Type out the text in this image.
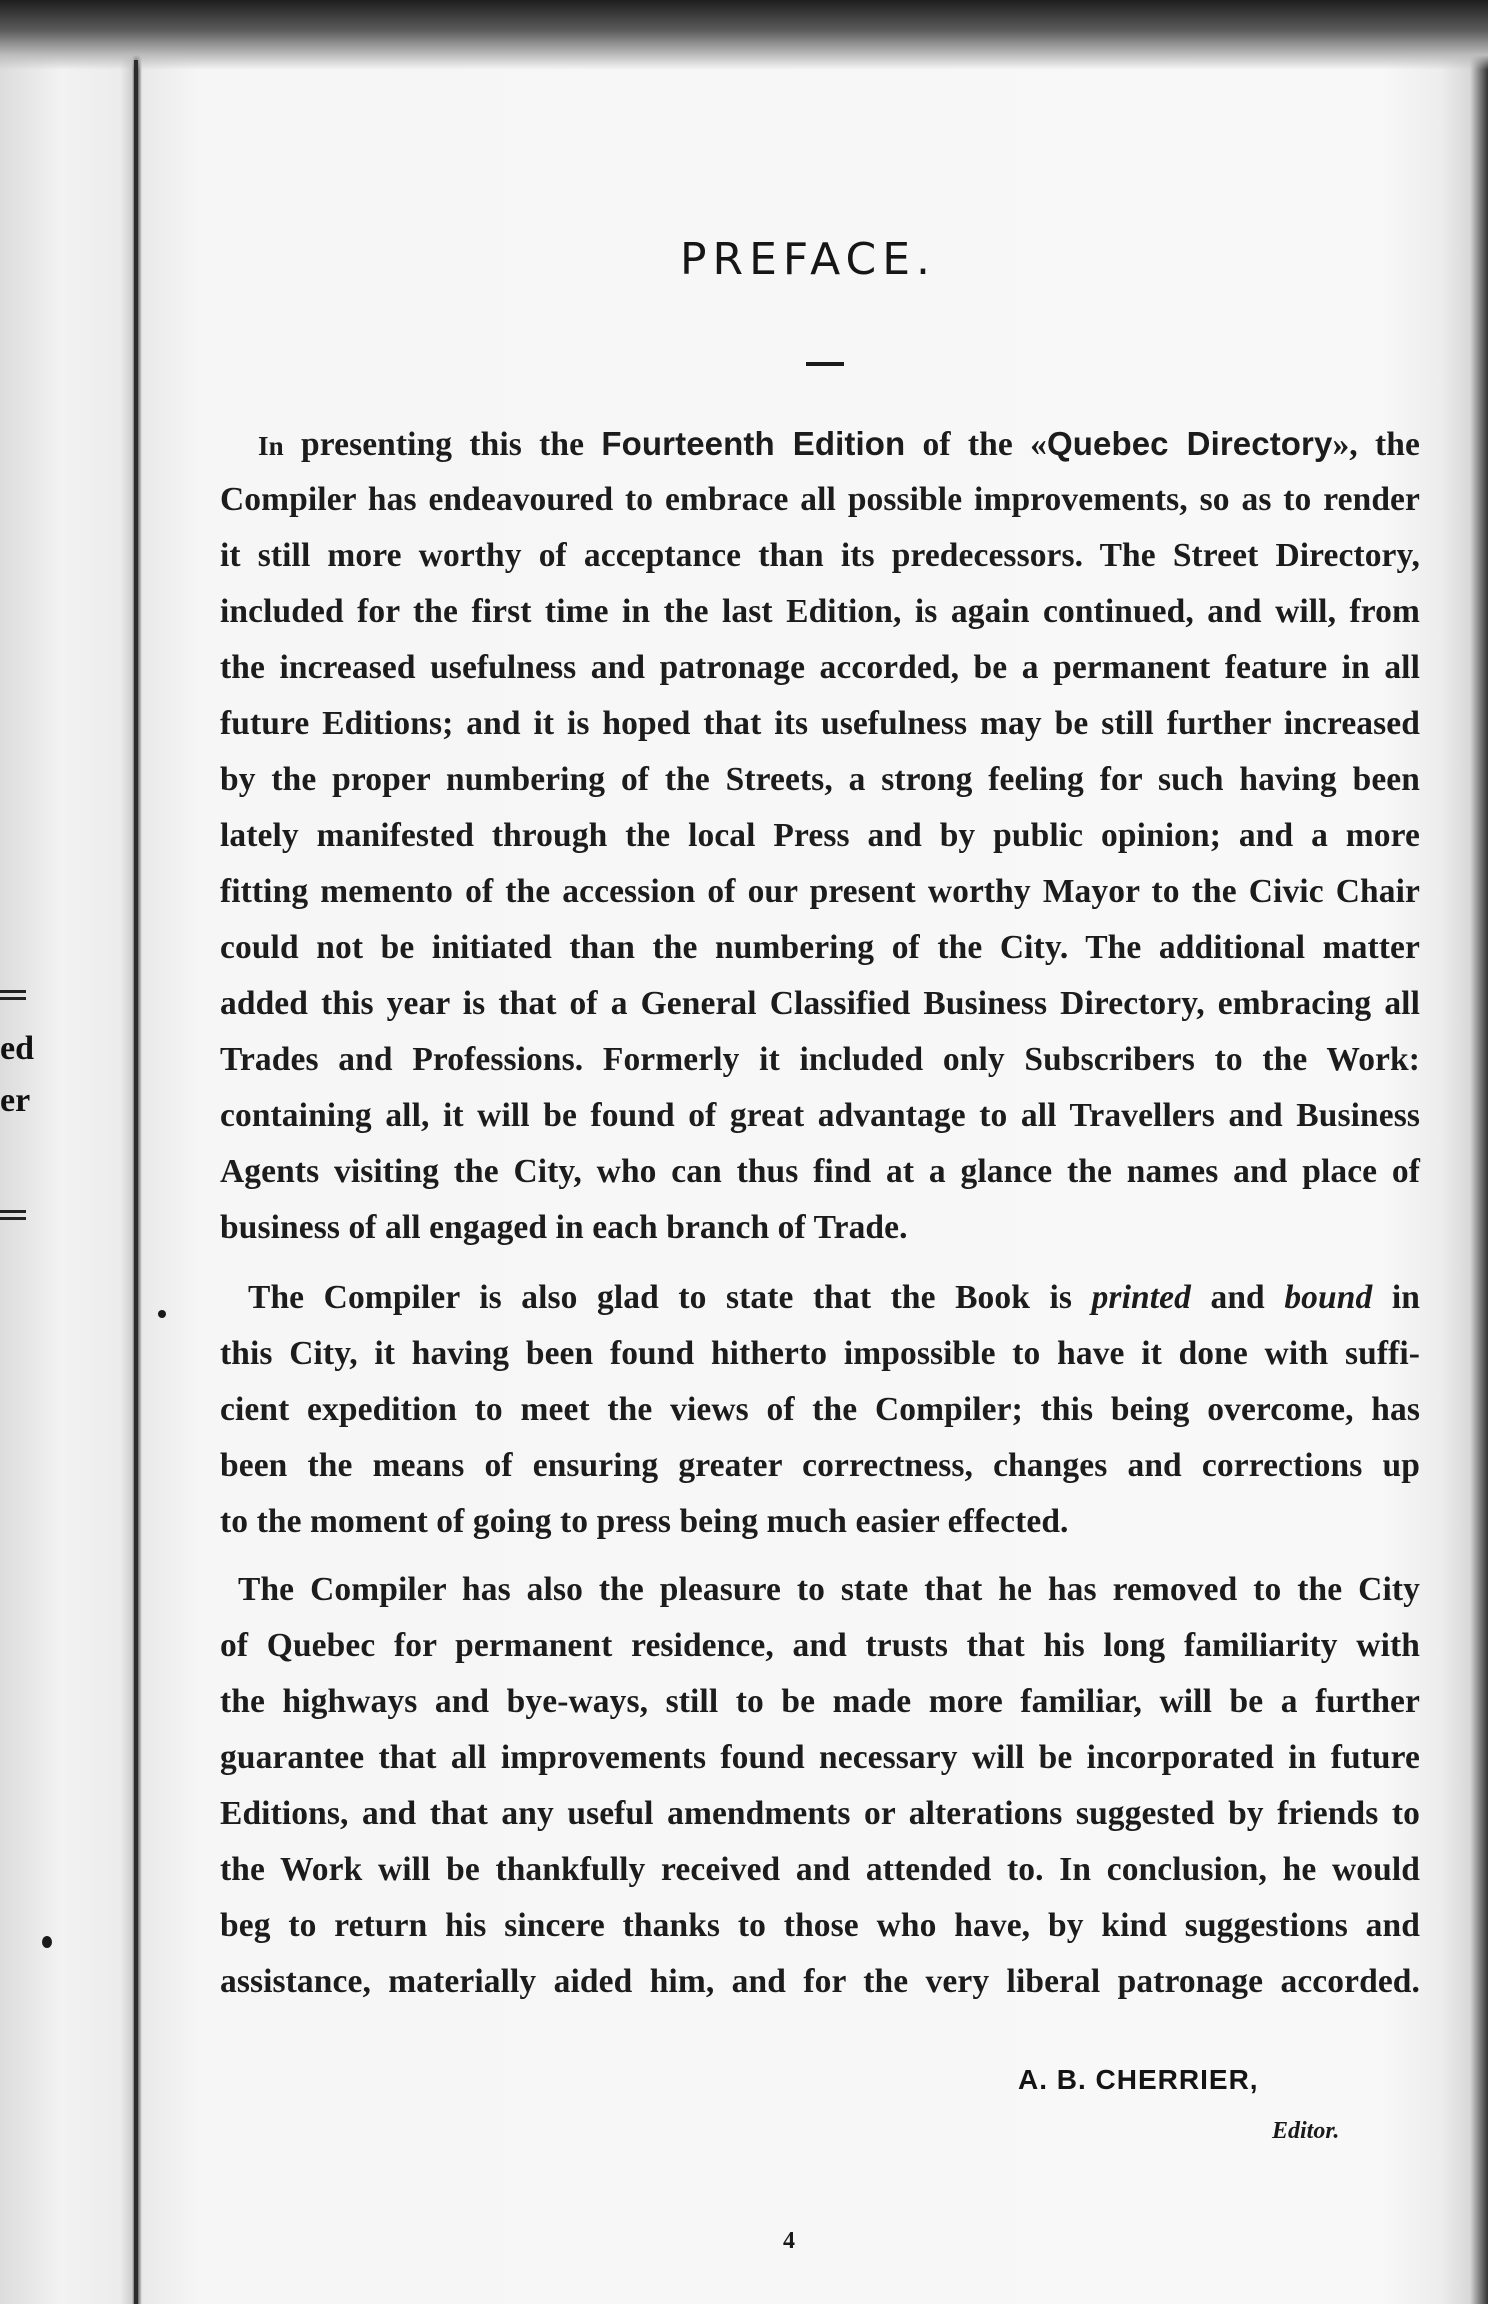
ed
er
PREFACE.
In presenting this the Fourteenth Edition of the «Quebec Directory», the
Compiler has endeavoured to embrace all possible improvements, so as to render
it still more worthy of acceptance than its predecessors. The Street Directory,
included for the first time in the last Edition, is again continued, and will, from
the increased usefulness and patronage accorded, be a permanent feature in all
future Editions; and it is hoped that its usefulness may be still further increased
by the proper numbering of the Streets, a strong feeling for such having been
lately manifested through the local Press and by public opinion; and a more
fitting memento of the accession of our present worthy Mayor to the Civic Chair
could not be initiated than the numbering of the City. The additional matter
added this year is that of a General Classified Business Directory, embracing all
Trades and Professions. Formerly it included only Subscribers to the Work:
containing all, it will be found of great advantage to all Travellers and Business
Agents visiting the City, who can thus find at a glance the names and place of
business of all engaged in each branch of Trade.
The Compiler is also glad to state that the Book is printed and bound in
this City, it having been found hitherto impossible to have it done with suffi-
cient expedition to meet the views of the Compiler; this being overcome, has
been the means of ensuring greater correctness, changes and corrections up
to the moment of going to press being much easier effected.
The Compiler has also the pleasure to state that he has removed to the City
of Quebec for permanent residence, and trusts that his long familiarity with
the highways and bye-ways, still to be made more familiar, will be a further
guarantee that all improvements found necessary will be incorporated in future
Editions, and that any useful amendments or alterations suggested by friends to
the Work will be thankfully received and attended to. In conclusion, he would
beg to return his sincere thanks to those who have, by kind suggestions and
assistance, materially aided him, and for the very liberal patronage accorded.
A. B. CHERRIER,
Editor.
4
